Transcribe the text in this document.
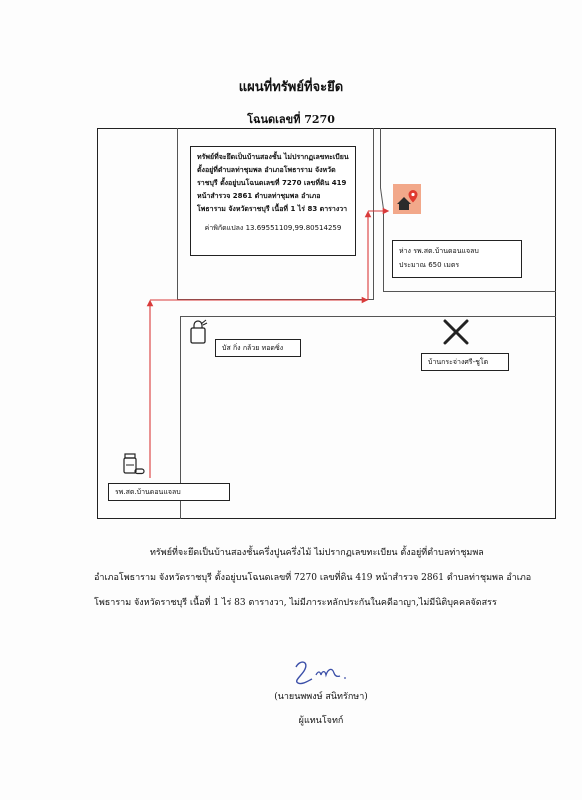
แผนที่ทรัพย์ที่จะยึด
โฉนดเลขที่ 7270
ทรัพย์ที่จะยึดเป็นบ้านสองชั้น ไม่ปรากฏเลขทะเบียน ตั้งอยู่ที่ตำบลท่าชุมพล อำเภอโพธาราม จังหวัดราชบุรี ตั้งอยู่บนโฉนดเลขที่ 7270 เลขที่ดิน 419 หน้าสำรวจ 2861 ตำบลท่าชุมพล อำเภอโพธาราม จังหวัดราชบุรี เนื้อที่ 1 ไร่ 83 ตารางวา
ค่าพิกัดแปลง 13.69551109,99.80514259
ห่าง รพ.สต.บ้านดอนแจลบ
ประมาณ 650 เมตร
บัส กิ่ง กล้วย ทอดซิ่ง
บ้านกระจ่างศรี-ชูโต
รพ.สต.บ้านดอนแจลบ
ทรัพย์ที่จะยึดเป็นบ้านสองชั้นครึ่งปูนครึ่งไม้ ไม่ปรากฏเลขทะเบียน ตั้งอยู่ที่ตำบลท่าชุมพล
อำเภอโพธาราม จังหวัดราชบุรี ตั้งอยู่บนโฉนดเลขที่ 7270 เลขที่ดิน 419 หน้าสำรวจ 2861 ตำบลท่าชุมพล อำเภอ
โพธาราม จังหวัดราชบุรี เนื้อที่ 1 ไร่ 83 ตารางวา, ไม่มีภาระหลักประกันในคดีอาญา,ไม่มีนิติบุคคลจัดสรร
(นายนพพงษ์ สนิทรักษา)
ผู้แทนโจทก์
